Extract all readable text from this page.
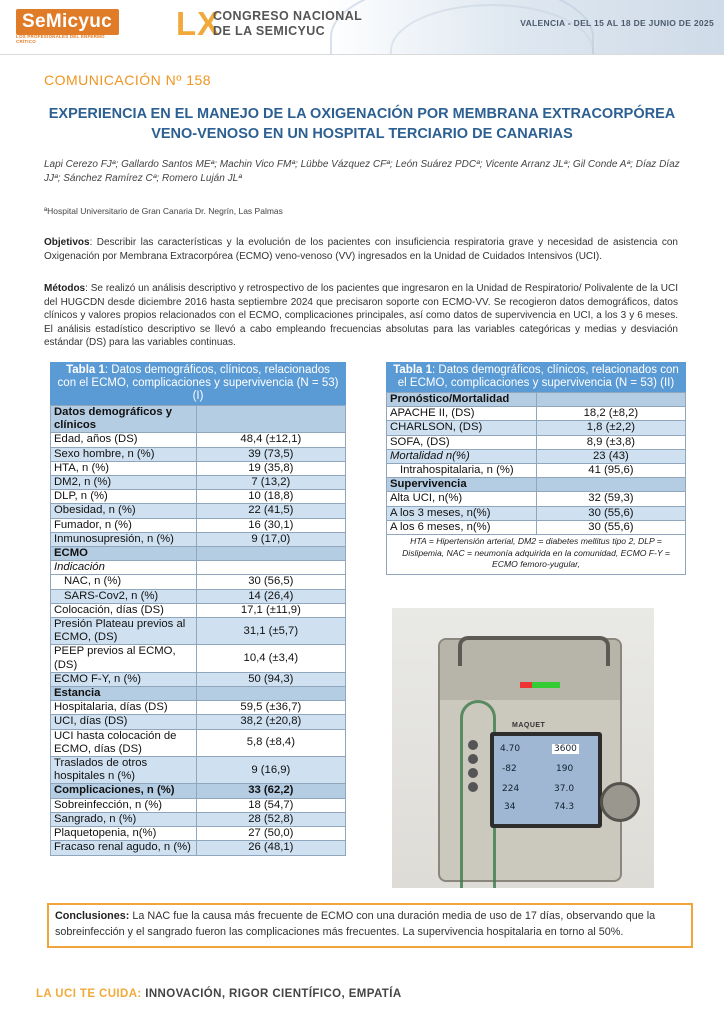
SeMicyuc
LOS PROFESIONALES DEL ENFERMO CRÍTICO	LX
CONGRESO NACIONAL
DE LA SEMICYUC
VALENCIA - DEL 15 AL 18 DE JUNIO DE 2025
COMUNICACIÓN Nº 158
EXPERIENCIA EN EL MANEJO DE LA OXIGENACIÓN POR MEMBRANA EXTRACORPÓREA
VENO-VENOSO EN UN HOSPITAL TERCIARIO DE CANARIAS
Lapi Cerezo FJª; Gallardo Santos MEª; Machin Vico FMª; Lübbe Vázquez CFª; León Suárez PDCª; Vicente Arranz JLª; Gil Conde Aª; Díaz Díaz JJª; Sánchez Ramírez Cª; Romero Luján JLª
ªHospital Universitario de Gran Canaria Dr. Negrín, Las Palmas
Objetivos: Describir las características y la evolución de los pacientes con insuficiencia respiratoria grave y necesidad de asistencia con Oxigenación por Membrana Extracorpórea (ECMO) veno-venoso (VV) ingresados en la Unidad de Cuidados Intensivos (UCI).
Métodos: Se realizó un análisis descriptivo y retrospectivo de los pacientes que ingresaron en la Unidad de Respiratorio/ Polivalente de la UCI del HUGCDN desde diciembre 2016 hasta septiembre 2024 que precisaron soporte con ECMO-VV. Se recogieron datos demográficos, datos clínicos y valores propios relacionados con el ECMO, complicaciones principales, así como datos de supervivencia en UCI, a los 3 y 6 meses. El análisis estadístico descriptivo se llevó a cabo empleando frecuencias absolutas para las variables categóricas y medias y desviación estándar (DS) para las variables continuas.
Tabla 1: Datos demográficos, clínicos, relacionados con el ECMO, complicaciones y supervivencia (N = 53) (I)
Datos demográficos y clínicos	
Edad, años (DS)	48,4 (±12,1)
Sexo hombre, n (%)	39 (73,5)
HTA, n (%)	19 (35,8)
DM2, n (%)	7 (13,2)
DLP, n (%)	10 (18,8)
Obesidad, n (%)	22 (41,5)
Fumador, n (%)	16 (30,1)
Inmunosupresión, n (%)	9 (17,0)
ECMO	
Indicación	
NAC, n (%)	30 (56,5)
SARS-Cov2, n (%)	14 (26,4)
Colocación, días (DS)	17,1 (±11,9)
Presión Plateau previos al ECMO, (DS)	31,1 (±5,7)
PEEP previos al ECMO, (DS)	10,4 (±3,4)
ECMO F-Y, n (%)	50 (94,3)
Estancia	
Hospitalaria, días (DS)	59,5 (±36,7)
UCI, días (DS)	38,2 (±20,8)
UCI hasta colocación de ECMO, días (DS)	5,8 (±8,4)
Traslados de otros hospitales n (%)	9 (16,9)
Complicaciones, n (%)	33 (62,2)
Sobreinfección, n (%)	18 (54,7)
Sangrado, n (%)	28 (52,8)
Plaquetopenia, n(%)	27 (50,0)
Fracaso renal agudo, n (%)	26 (48,1)
Tabla 1: Datos demográficos, clínicos, relacionados con el ECMO, complicaciones y supervivencia (N = 53) (II)
Pronóstico/Mortalidad	
APACHE II, (DS)	18,2 (±8,2)
CHARLSON, (DS)	1,8 (±2,2)
SOFA, (DS)	8,9 (±3,8)
Mortalidad n(%)	23 (43)
Intrahospitalaria, n (%)	41 (95,6)
Supervivencia	
Alta UCI, n(%)	32 (59,3)
A los 3 meses, n(%)	30 (55,6)
A los 6 meses, n(%)	30 (55,6)
HTA = Hipertensión arterial, DM2 = diabetes mellitus tipo 2, DLP = Dislipemia, NAC = neumonía adquirida en la comunidad, ECMO F-Y = ECMO femoro-yugular,
MAQUET
4.70	3600
-82	190
224	37.0
34	74.3
Conclusiones: La NAC fue la causa más frecuente de ECMO con una duración media de uso de 17 días, observando que la sobreinfección y el sangrado fueron las complicaciones más frecuentes. La supervivencia hospitalaria en torno al 50%.
LA UCI TE CUIDA: INNOVACIÓN, RIGOR CIENTÍFICO, EMPATÍA
